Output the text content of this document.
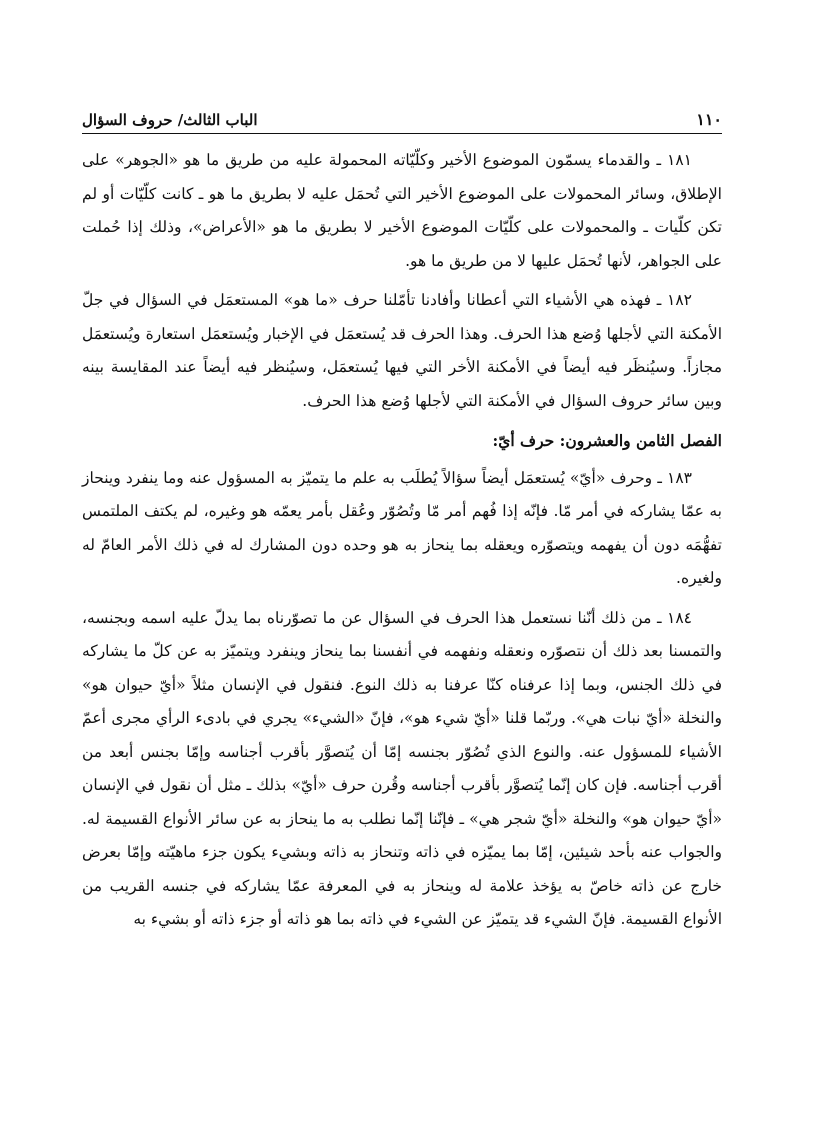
١١٠
الباب الثالث/ حروف السؤال

١٨١ ـ والقدماء يسمّون الموضوع الأخير وكلّيّاته المحمولة عليه من طريق ما هو «الجوهر» على الإطلاق، وسائر المحمولات على الموضوع الأخير التي تُحمَل عليه لا بطريق ما هو ـ كانت كلّيّات أو لم تكن كلّيات ـ والمحمولات على كلّيّات الموضوع الأخير لا بطريق ما هو «الأعراض»، وذلك إذا حُملت على الجواهر، لأنها تُحمَل عليها لا من طريق ما هو.

١٨٢ ـ فهذه هي الأشياء التي أعطانا وأفادنا تأمّلنا حرف «ما هو» المستعمَل في السؤال في جلّ الأمكنة التي لأجلها وُضع هذا الحرف. وهذا الحرف قد يُستعمَل في الإخبار ويُستعمَل استعارة ويُستعمَل مجازاً. وسيُنظَر فيه أيضاً في الأمكنة الأخر التي فيها يُستعمَل، وسيُنظر فيه أيضاً عند المقايسة بينه وبين سائر حروف السؤال في الأمكنة التي لأجلها وُضع هذا الحرف.

الفصل الثامن والعشرون: حرف أيّ:

١٨٣ ـ وحرف «أيّ» يُستعمَل أيضاً سؤالاً يُطلَب به علم ما يتميّز به المسؤول عنه وما ينفرد وينحاز به عمّا يشاركه في أمر مّا. فإنّه إذا فُهم أمر مّا وتُصُوّر وعُقل بأمر يعمّه هو وغيره، لم يكتف الملتمس تفهُّمَه دون أن يفهمه ويتصوّره ويعقله بما ينحاز به هو وحده دون المشارك له في ذلك الأمر العامّ له ولغيره.

١٨٤ ـ من ذلك أنّنا نستعمل هذا الحرف في السؤال عن ما تصوّرناه بما يدلّ عليه اسمه وبجنسه، والتمسنا بعد ذلك أن نتصوّره ونعقله ونفهمه في أنفسنا بما ينحاز وينفرد ويتميّز به عن كلّ ما يشاركه في ذلك الجنس، وبما إذا عرفناه كنّا عرفنا به ذلك النوع. فنقول في الإنسان مثلاً «أيّ حيوان هو» والنخلة «أيّ نبات هي». وربّما قلنا «أيّ شيء هو»، فإنّ «الشيء» يجري في بادىء الرأي مجرى أعمّ الأشياء للمسؤول عنه. والنوع الذي تُصُوّر بجنسه إمّا أن يُتصوَّر بأقرب أجناسه وإمّا بجنس أبعد من أقرب أجناسه. فإن كان إنّما يُتصوَّر بأقرب أجناسه وقُرن حرف «أيّ» بذلك ـ مثل أن نقول في الإنسان «أيّ حيوان هو» والنخلة «أيّ شجر هي» ـ فإنّنا إنّما نطلب به ما ينحاز به عن سائر الأنواع القسيمة له. والجواب عنه بأحد شيئين، إمّا بما يميّزه في ذاته وتنحاز به ذاته وبشيء يكون جزء ماهيّته وإمّا بعرض خارج عن ذاته خاصّ به يؤخذ علامة له وينحاز به في المعرفة عمّا يشاركه في جنسه القريب من الأنواع القسيمة. فإنّ الشيء قد يتميّز عن الشيء في ذاته بما هو ذاته أو جزء ذاته أو بشيء به
